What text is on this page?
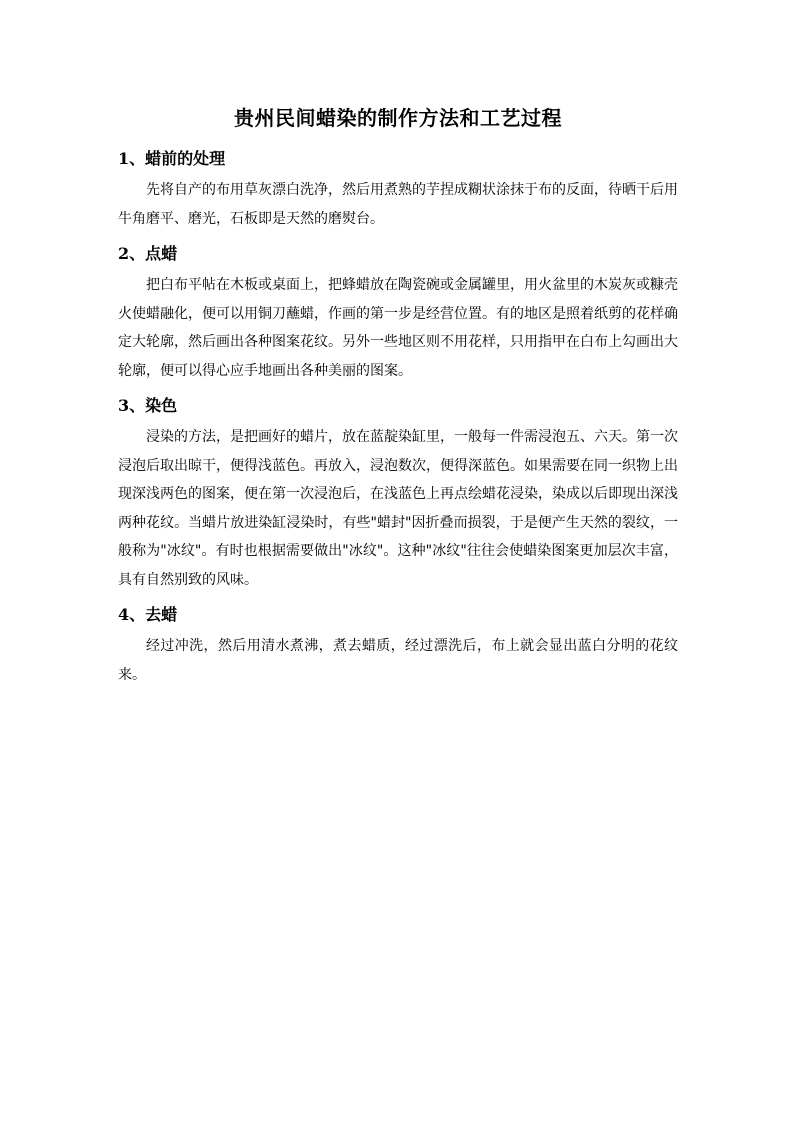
贵州民间蜡染的制作方法和工艺过程
1、蜡前的处理

先将自产的布用草灰漂白洗净，然后用煮熟的芋捏成糊状涂抹于布的反面，待晒干后用牛角磨平、磨光，石板即是天然的磨熨台。

2、点蜡

把白布平帖在木板或桌面上，把蜂蜡放在陶瓷碗或金属罐里，用火盆里的木炭灰或糠壳火使蜡融化，便可以用铜刀蘸蜡，作画的第一步是经营位置。有的地区是照着纸剪的花样确定大轮廓，然后画出各种图案花纹。另外一些地区则不用花样，只用指甲在白布上勾画出大轮廓，便可以得心应手地画出各种美丽的图案。

3、染色

浸染的方法，是把画好的蜡片，放在蓝靛染缸里，一般每一件需浸泡五、六天。第一次浸泡后取出晾干，便得浅蓝色。再放入，浸泡数次，便得深蓝色。如果需要在同一织物上出现深浅两色的图案，便在第一次浸泡后，在浅蓝色上再点绘蜡花浸染，染成以后即现出深浅两种花纹。当蜡片放进染缸浸染时，有些"蜡封"因折叠而损裂，于是便产生天然的裂纹，一般称为"冰纹"。有时也根据需要做出"冰纹"。这种"冰纹"往往会使蜡染图案更加层次丰富，具有自然别致的风味。

4、去蜡

经过冲洗，然后用清水煮沸，煮去蜡质，经过漂洗后，布上就会显出蓝白分明的花纹来。
